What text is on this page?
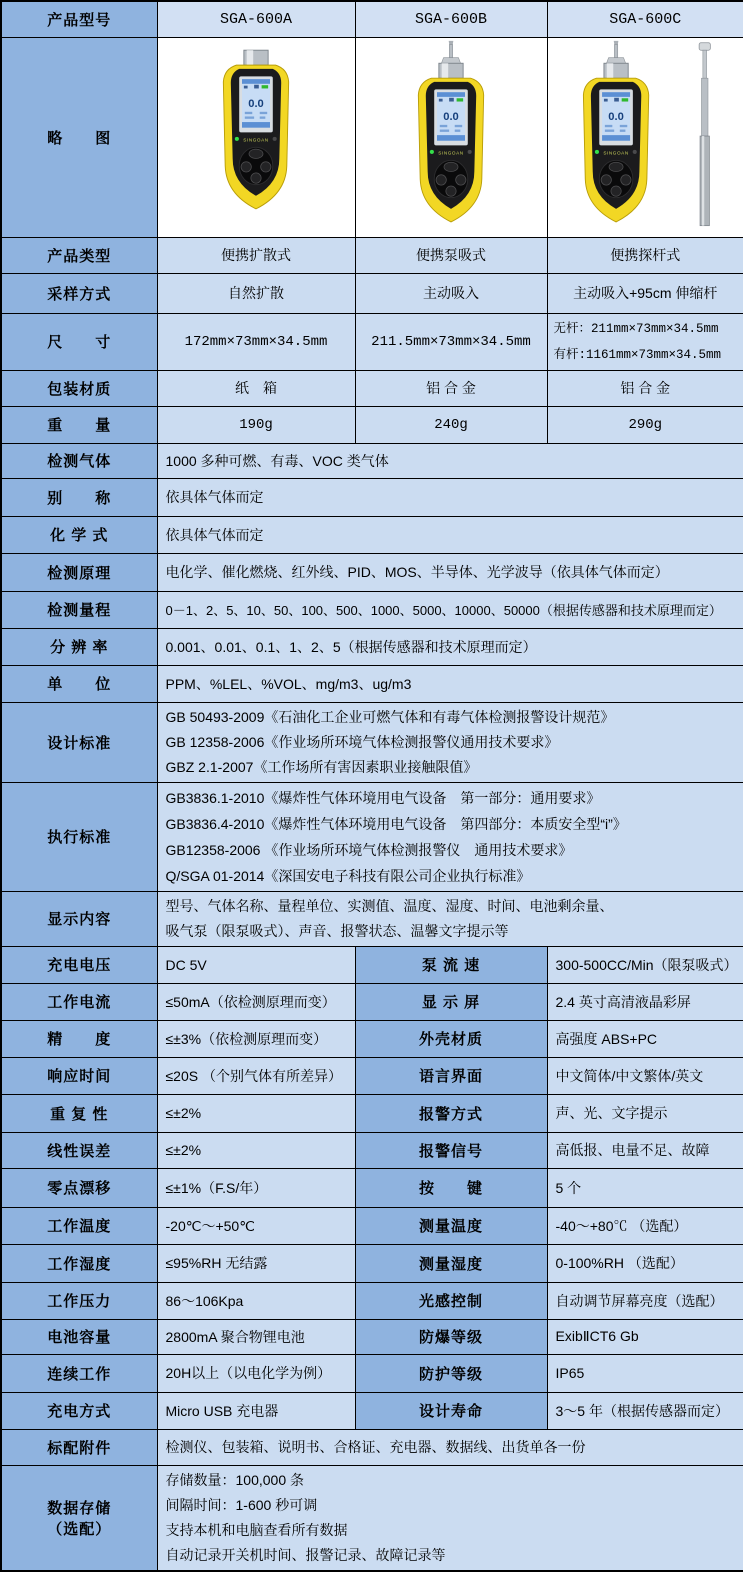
产品型号	SGA-600A	SGA-600B	SGA-600C
略　　图	

产品类型	便携扩散式	便携泵吸式	便携探杆式
采样方式	自然扩散	主动吸入	主动吸入+95cm 伸缩杆
尺　　寸	172mm×73mm×34.5mm	211.5mm×73mm×34.5mm	无杆：211mm×73mm×34.5mm
有杆:1161mm×73mm×34.5mm

包装材质	纸　箱	铝 合 金	铝 合 金
重　　量	190g	240g	290g
检测气体	1000 多种可燃、有毒、VOC 类气体		
别　　称	依具体气体而定		
化 学 式	依具体气体而定		
检测原理	电化学、催化燃烧、红外线、PID、MOS、半导体、光学波导（依具体气体而定）		
检测量程	0－1、2、5、10、50、100、500、1000、5000、10000、50000（根据传感器和技术原理而定）		
分 辨 率	0.001、0.01、0.1、1、2、5（根据传感器和技术原理而定）		
单　　位	PPM、%LEL、%VOL、mg/m3、ug/m3		
设计标准	GB 50493-2009《石油化工企业可燃气体和有毒气体检测报警设计规范》
GB 12358-2006《作业场所环境气体检测报警仪通用技术要求》
GBZ 2.1-2007《工作场所有害因素职业接触限值》		

执行标准	GB3836.1-2010《爆炸性气体环境用电气设备　第一部分：通用要求》
GB3836.4-2010《爆炸性气体环境用电气设备　第四部分：本质安全型“i”》
GB12358-2006 《作业场所环境气体检测报警仪　通用技术要求》
Q/SGA 01-2014《深国安电子科技有限公司企业执行标准》		

显示内容	型号、气体名称、量程单位、实测值、温度、湿度、时间、电池剩余量、
吸气泵（限泵吸式）、声音、报警状态、温馨文字提示等		

充电电压	DC 5V	泵 流 速	300-500CC/Min（限泵吸式）
工作电流	≤50mA（依检测原理而变）	显 示 屏	2.4 英寸高清液晶彩屏
精　　度	≤±3%（依检测原理而变）	外壳材质	高强度 ABS+PC
响应时间	≤20S （个别气体有所差异）	语言界面	中文简体/中文繁体/英文
重 复 性	≤±2%	报警方式	声、光、文字提示
线性误差	≤±2%	报警信号	高低报、电量不足、故障
零点漂移	≤±1%（F.S/年）	按　　键	5 个
工作温度	-20℃～+50℃	测量温度	-40～+80℃ （选配）
工作湿度	≤95%RH 无结露	测量湿度	0-100%RH （选配）
工作压力	86～106Kpa	光感控制	自动调节屏幕亮度（选配）
电池容量	2800mA 聚合物锂电池	防爆等级	ExibⅡCT6 Gb
连续工作	20H以上（以电化学为例）	防护等级	IP65
充电方式	Micro USB 充电器	设计寿命	3～5 年（根据传感器而定）
标配附件	检测仪、包装箱、说明书、合格证、充电器、数据线、出货单各一份		

数据存储
（选配）

存储数量：100,000 条
间隔时间：1-600 秒可调
支持本机和电脑查看所有数据
自动记录开关机时间、报警记录、故障记录等
